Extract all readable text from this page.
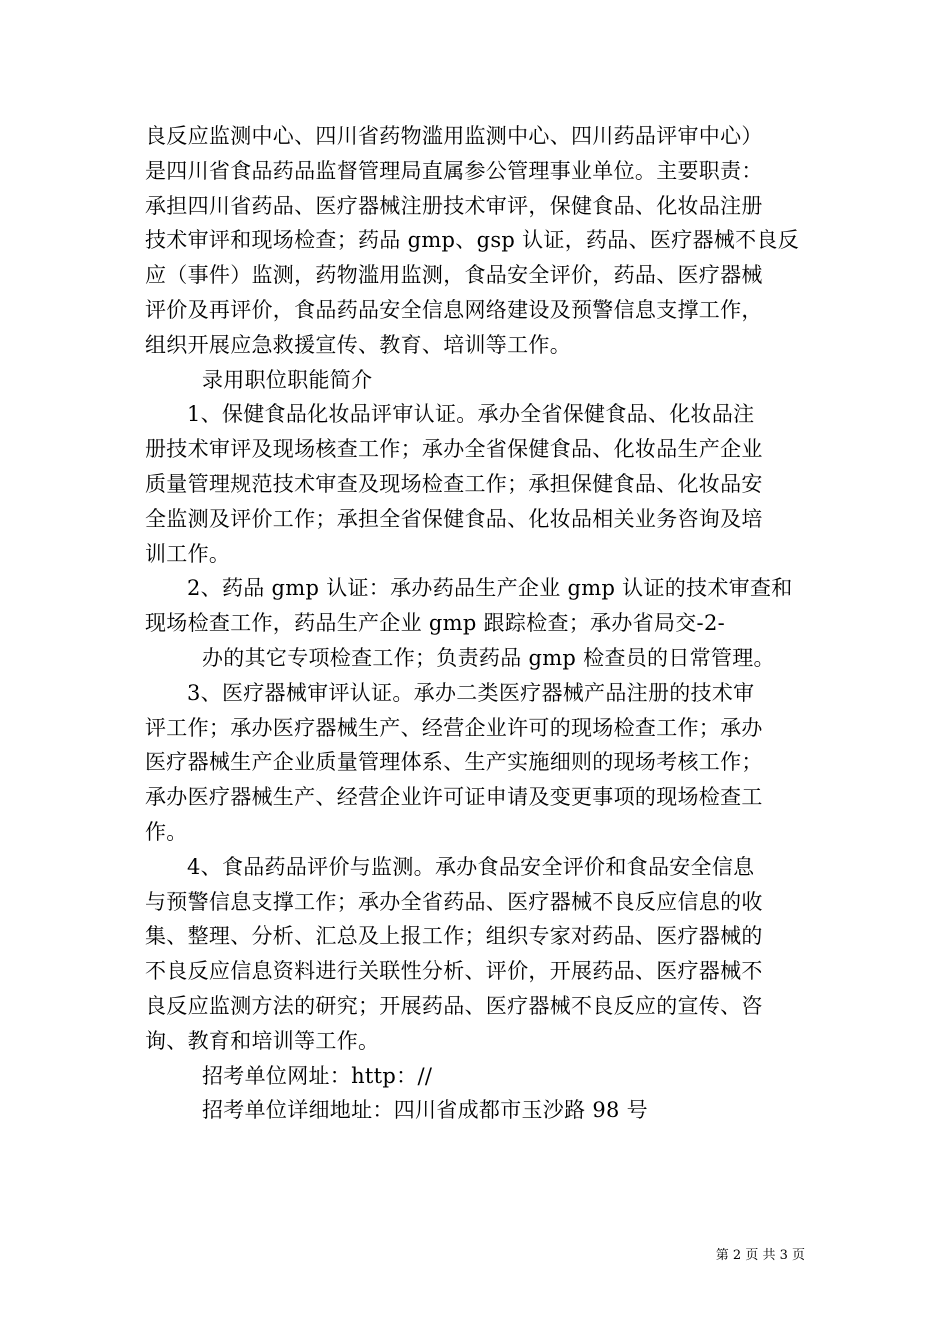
良反应监测中心、四川省药物滥用监测中心、四川药品评审中心）
是四川省食品药品监督管理局直属参公管理事业单位。主要职责：
承担四川省药品、医疗器械注册技术审评，保健食品、化妆品注册
技术审评和现场检查；药品 gmp、gsp 认证，药品、医疗器械不良反
应（事件）监测，药物滥用监测，食品安全评价，药品、医疗器械
评价及再评价，食品药品安全信息网络建设及预警信息支撑工作，
组织开展应急救援宣传、教育、培训等工作。
录用职位职能简介
1、保健食品化妆品评审认证。承办全省保健食品、化妆品注
册技术审评及现场核查工作；承办全省保健食品、化妆品生产企业
质量管理规范技术审查及现场检查工作；承担保健食品、化妆品安
全监测及评价工作；承担全省保健食品、化妆品相关业务咨询及培
训工作。
2、药品 gmp 认证：承办药品生产企业 gmp 认证的技术审查和
现场检查工作，药品生产企业 gmp 跟踪检查；承办省局交-2-
办的其它专项检查工作；负责药品 gmp 检查员的日常管理。
3、医疗器械审评认证。承办二类医疗器械产品注册的技术审
评工作；承办医疗器械生产、经营企业许可的现场检查工作；承办
医疗器械生产企业质量管理体系、生产实施细则的现场考核工作；
承办医疗器械生产、经营企业许可证申请及变更事项的现场检查工
作。
4、食品药品评价与监测。承办食品安全评价和食品安全信息
与预警信息支撑工作；承办全省药品、医疗器械不良反应信息的收
集、整理、分析、汇总及上报工作；组织专家对药品、医疗器械的
不良反应信息资料进行关联性分析、评价，开展药品、医疗器械不
良反应监测方法的研究；开展药品、医疗器械不良反应的宣传、咨
询、教育和培训等工作。
招考单位网址：http：//
招考单位详细地址：四川省成都市玉沙路 98 号
第 2 页 共 3 页
